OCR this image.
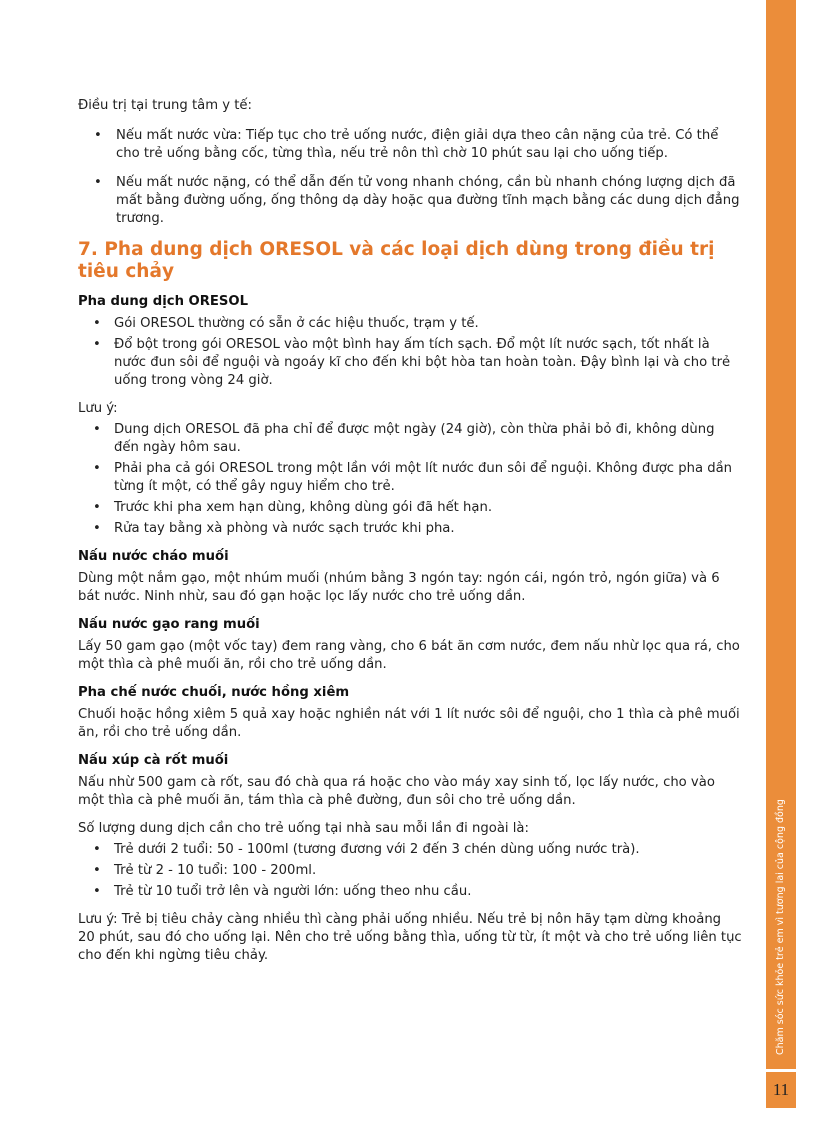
Chăm sóc sức khỏe trẻ em vì tương lai của cộng đồng
11

Điều trị tại trung tâm y tế:

• Nếu mất nước vừa: Tiếp tục cho trẻ uống nước, điện giải dựa theo cân nặng của trẻ. Có thể cho trẻ uống bằng cốc, từng thìa, nếu trẻ nôn thì chờ 10 phút sau lại cho uống tiếp.
• Nếu mất nước nặng, có thể dẫn đến tử vong nhanh chóng, cần bù nhanh chóng lượng dịch đã mất bằng đường uống, ống thông dạ dày hoặc qua đường tĩnh mạch bằng các dung dịch đẳng trương.
7. Pha dung dịch ORESOL và các loại dịch dùng trong điều trị tiêu chảy
Pha dung dịch ORESOL
• Gói ORESOL thường có sẵn ở các hiệu thuốc, trạm y tế.
• Đổ bột trong gói ORESOL vào một bình hay ấm tích sạch. Đổ một lít nước sạch, tốt nhất là nước đun sôi để nguội và ngoáy kĩ cho đến khi bột hòa tan hoàn toàn. Đậy bình lại và cho trẻ uống trong vòng 24 giờ.

Lưu ý:

• Dung dịch ORESOL đã pha chỉ để được một ngày (24 giờ), còn thừa phải bỏ đi, không dùng đến ngày hôm sau.
• Phải pha cả gói ORESOL trong một lần với một lít nước đun sôi để nguội. Không được pha dần từng ít một, có thể gây nguy hiểm cho trẻ.
• Trước khi pha xem hạn dùng, không dùng gói đã hết hạn.
• Rửa tay bằng xà phòng và nước sạch trước khi pha.
Nấu nước cháo muối

Dùng một nắm gạo, một nhúm muối (nhúm bằng 3 ngón tay: ngón cái, ngón trỏ, ngón giữa) và 6 bát nước. Ninh nhừ, sau đó gạn hoặc lọc lấy nước cho trẻ uống dần.

Nấu nước gạo rang muối

Lấy 50 gam gạo (một vốc tay) đem rang vàng, cho 6 bát ăn cơm nước, đem nấu nhừ lọc qua rá, cho một thìa cà phê muối ăn, rồi cho trẻ uống dần.

Pha chế nước chuối, nước hồng xiêm

Chuối hoặc hồng xiêm 5 quả xay hoặc nghiền nát với 1 lít nước sôi để nguội, cho 1 thìa cà phê muối ăn, rồi cho trẻ uống dần.

Nấu xúp cà rốt muối

Nấu nhừ 500 gam cà rốt, sau đó chà qua rá hoặc cho vào máy xay sinh tố, lọc lấy nước, cho vào một thìa cà phê muối ăn, tám thìa cà phê đường, đun sôi cho trẻ uống dần.

Số lượng dung dịch cần cho trẻ uống tại nhà sau mỗi lần đi ngoài là:

• Trẻ dưới 2 tuổi: 50 - 100ml (tương đương với 2 đến 3 chén dùng uống nước trà).
• Trẻ từ 2 - 10 tuổi: 100 - 200ml.
• Trẻ từ 10 tuổi trở lên và người lớn: uống theo nhu cầu.

Lưu ý: Trẻ bị tiêu chảy càng nhiều thì càng phải uống nhiều. Nếu trẻ bị nôn hãy tạm dừng khoảng 20 phút, sau đó cho uống lại. Nên cho trẻ uống bằng thìa, uống từ từ, ít một và cho trẻ uống liên tục cho đến khi ngừng tiêu chảy.
